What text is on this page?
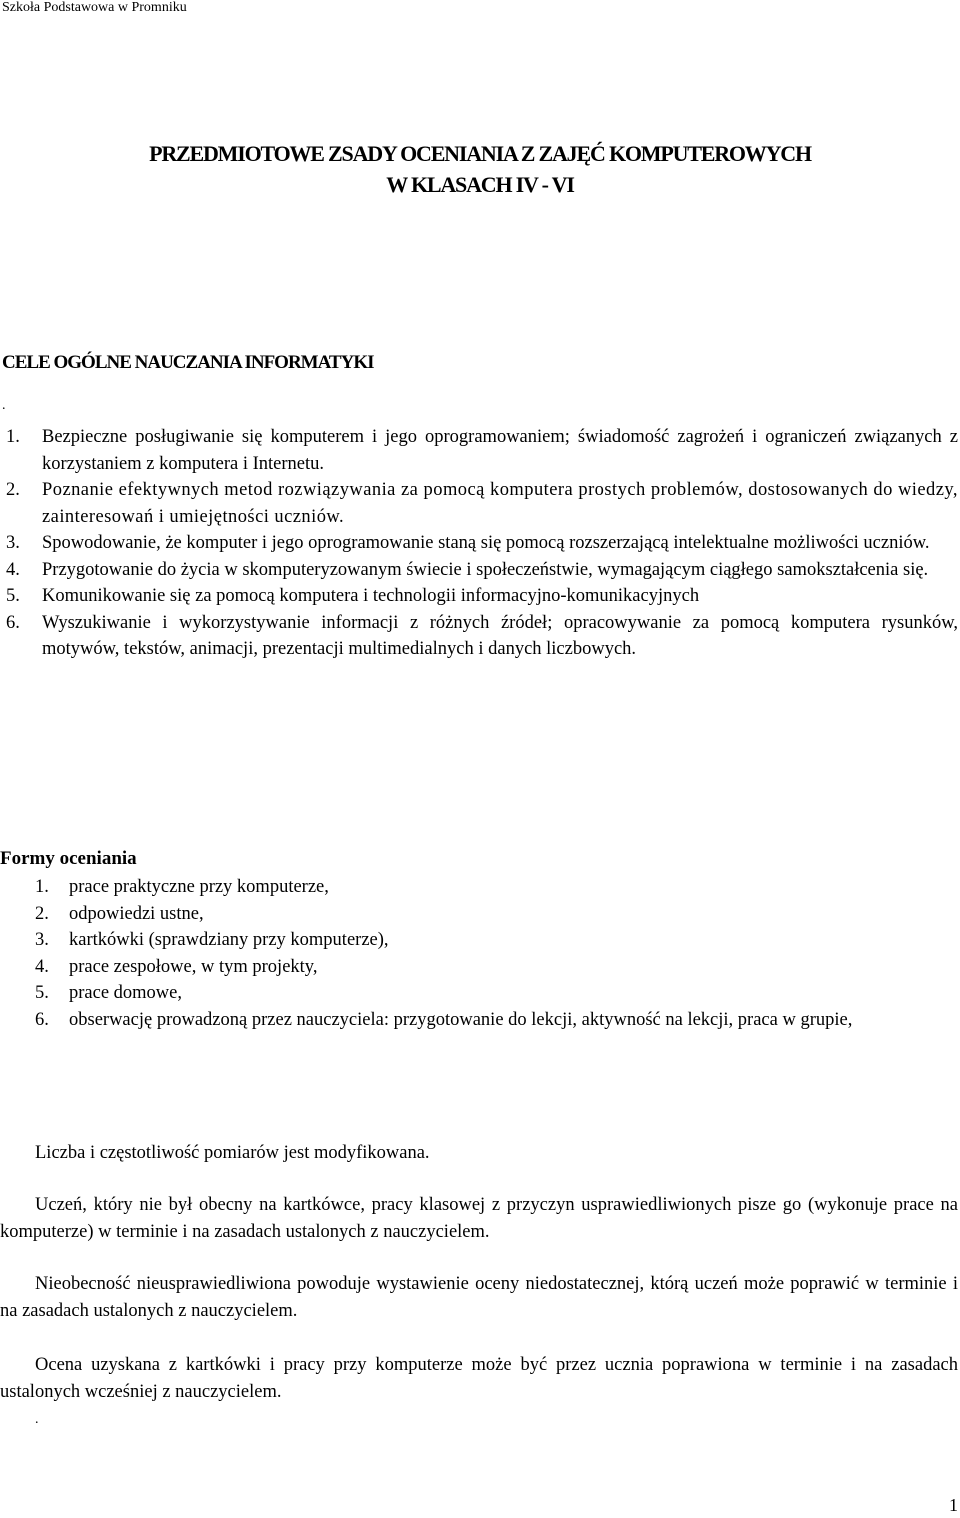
Szkoła Podstawowa w Promniku
PRZEDMIOTOWE ZSADY OCENIANIA Z ZAJĘĆ KOMPUTEROWYCH
W KLASACH IV - VI
CELE OGÓLNE NAUCZANIA INFORMATYKI
.
1. Bezpieczne posługiwanie się komputerem i jego oprogramowaniem; świadomość zagrożeń i ograniczeń związanych z korzystaniem z komputera i Internetu.
2. Poznanie efektywnych metod rozwiązywania za pomocą komputera prostych problemów, dostosowanych do wiedzy, zainteresowań i umiejętności uczniów.
3. Spowodowanie, że komputer i jego oprogramowanie staną się pomocą rozszerzającą intelektualne możliwości uczniów.
4. Przygotowanie do życia w skomputeryzowanym świecie i społeczeństwie, wymagającym ciągłego samokształcenia się.
5. Komunikowanie się za pomocą komputera i technologii informacyjno-komunikacyjnych
6. Wyszukiwanie i wykorzystywanie informacji z różnych źródeł; opracowywanie za pomocą komputera rysunków, motywów, tekstów, animacji, prezentacji multimedialnych i danych liczbowych.
Formy oceniania
1. prace praktyczne przy komputerze,
2. odpowiedzi ustne,
3. kartkówki (sprawdziany przy komputerze),
4. prace zespołowe, w tym projekty,
5. prace domowe,
6. obserwację prowadzoną przez nauczyciela: przygotowanie do lekcji, aktywność na lekcji, praca w grupie,
Liczba i częstotliwość pomiarów jest modyfikowana.
Uczeń, który nie był obecny na kartkówce, pracy klasowej z przyczyn usprawiedliwionych pisze go (wykonuje prace na komputerze) w terminie i na zasadach ustalonych z nauczycielem.
Nieobecność nieusprawiedliwiona powoduje wystawienie oceny niedostatecznej, którą uczeń może poprawić w terminie i na zasadach ustalonych z nauczycielem.
Ocena uzyskana z kartkówki i pracy przy komputerze może być przez ucznia poprawiona w terminie i na zasadach ustalonych wcześniej z nauczycielem.
.
1
